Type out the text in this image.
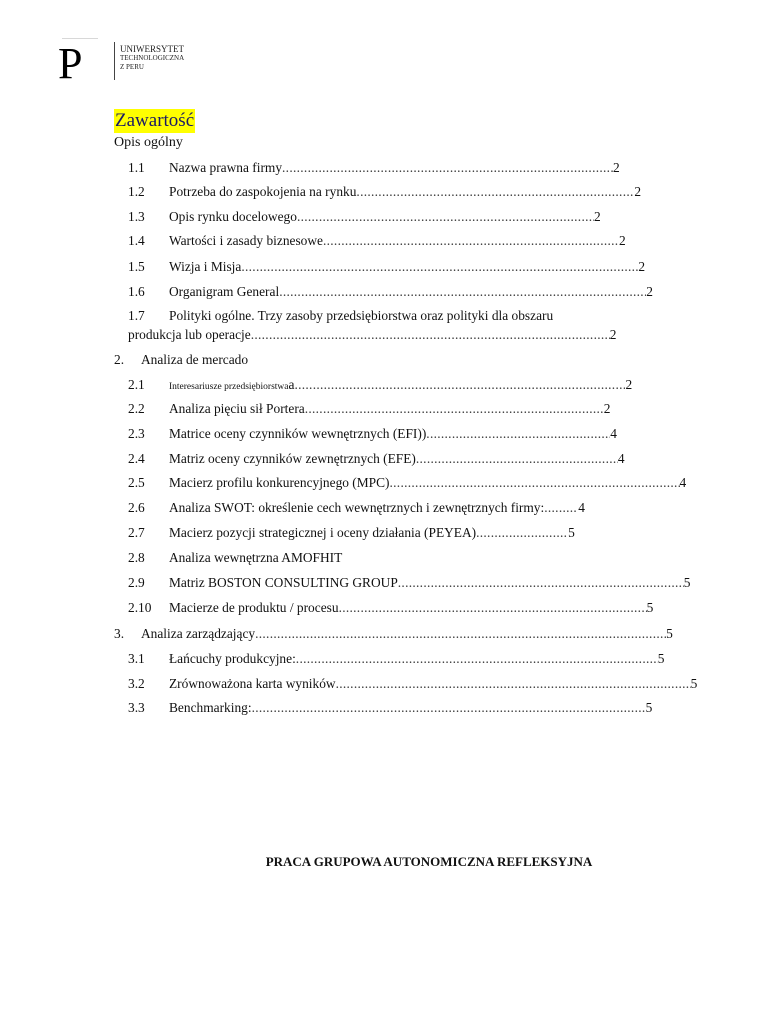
P	UNIWERSYTET
TECHNOLOGICZNA
Z PERU
Zawartość
Opis ogólny
1.1	Nazwa prawna firmy .....	2
1.2	Potrzeba do zaspokojenia na rynku .....	2
1.3	Opis rynku docelowego .....	2
1.4	Wartości i zasady biznesowe .....	2
1.5	Wizja i Misja .....	2
1.6	Organigram General .....	2
1.7	Polityki ogólne. Trzy zasoby przedsiębiorstwa oraz polityki dla obszaru
produkcja lub operacje .....	2
2.	Analiza de mercado
2.1	Interesariusze przedsiębiorstwa a .....	2
2.2	Analiza pięciu sił Portera .....	2
2.3	Matrice oceny czynników wewnętrznych (EFI)) .....	4
2.4	Matriz oceny czynników zewnętrznych (EFE) .....	4
2.5	Macierz profilu konkurencyjnego (MPC) .....	4
2.6	Analiza SWOT: określenie cech wewnętrznych i zewnętrznych firmy: .....	4
2.7	Macierz pozycji strategicznej i oceny działania (PEYEA) .....	5
2.8	Analiza wewnętrzna AMOFHIT
2.9	Matriz BOSTON CONSULTING GROUP .....	5
2.10	Macierze de produktu / procesu .....	5
3.	Analiza zarządzający .....	5
3.1	Łańcuchy produkcyjne: .....	5
3.2	Zrównoważona karta wyników .....	5
3.3	Benchmarking: .....	5
PRACA GRUPOWA AUTONOMICZNA REFLEKSYJNA
